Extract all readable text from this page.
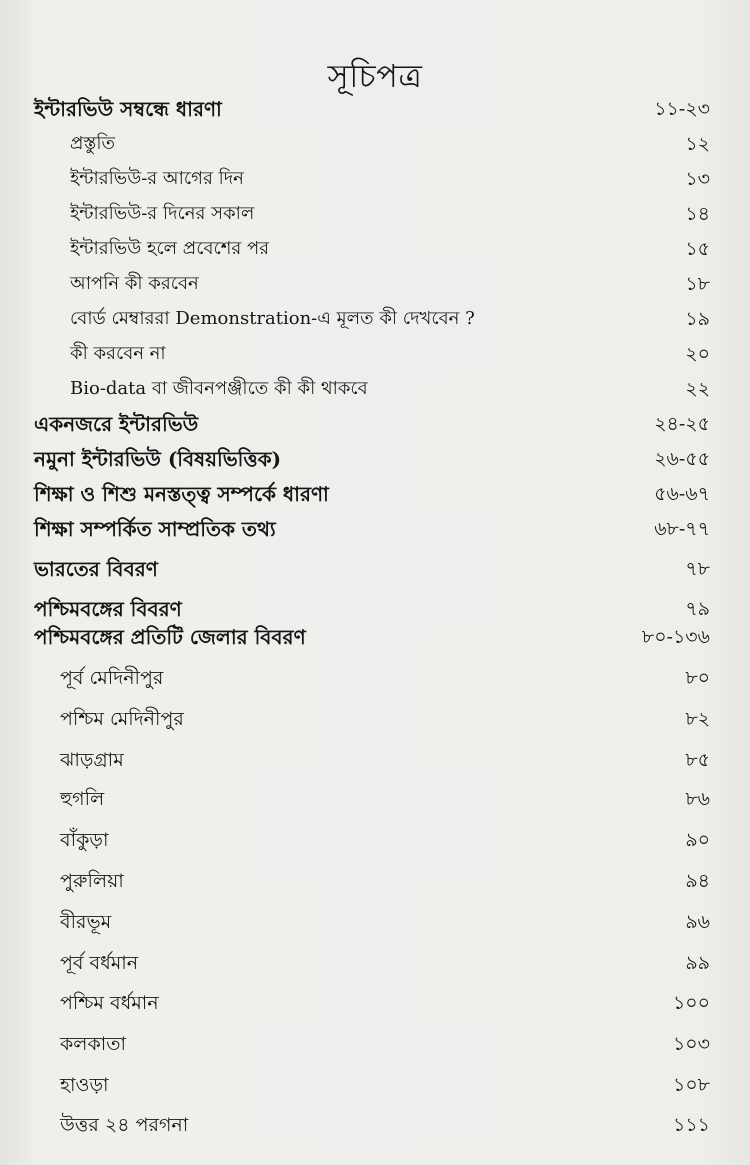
সূচিপত্র
ইন্টারভিউ সম্বন্ধে ধারণা	১১-২৩
প্রস্তুতি	১২
ইন্টারভিউ-র আগের দিন	১৩
ইন্টারভিউ-র দিনের সকাল	১৪
ইন্টারভিউ হলে প্রবেশের পর	১৫
আপনি কী করবেন	১৮
বোর্ড মেম্বাররা Demonstration-এ মূলত কী দেখবেন ?	১৯
কী করবেন না	২০
Bio-data বা জীবনপঞ্জীতে কী কী থাকবে	২২
একনজরে ইন্টারভিউ	২৪-২৫
নমুনা ইন্টারভিউ (বিষয়ভিত্তিক)	২৬-৫৫
শিক্ষা ও শিশু মনস্তত্ত্ব সম্পর্কে ধারণা	৫৬-৬৭
শিক্ষা সম্পর্কিত সাম্প্রতিক তথ্য	৬৮-৭৭
ভারতের বিবরণ	৭৮
পশ্চিমবঙ্গের বিবরণ	৭৯
পশ্চিমবঙ্গের প্রতিটি জেলার বিবরণ	৮০-১৩৬
পূর্ব মেদিনীপুর	৮০
পশ্চিম মেদিনীপুর	৮২
ঝাড়গ্রাম	৮৫
হুগলি	৮৬
বাঁকুড়া	৯০
পুরুলিয়া	৯৪
বীরভূম	৯৬
পূর্ব বর্ধমান	৯৯
পশ্চিম বর্ধমান	১০০
কলকাতা	১০৩
হাওড়া	১০৮
উত্তর ২৪ পরগনা	১১১
